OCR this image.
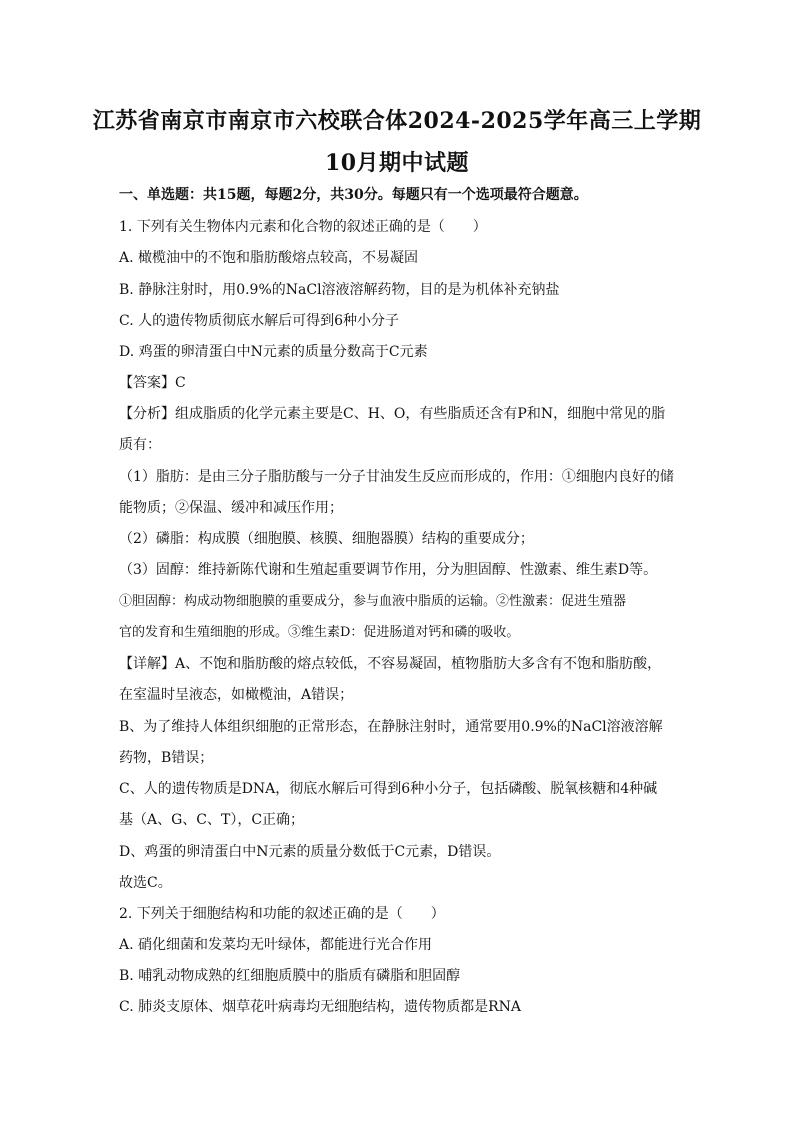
江苏省南京市南京市六校联合体2024-2025学年高三上学期
10月期中试题
一、单选题：共15题，每题2分，共30分。每题只有一个选项最符合题意。
1. 下列有关生物体内元素和化合物的叙述正确的是（　　）
A. 橄榄油中的不饱和脂肪酸熔点较高，不易凝固
B. 静脉注射时，用0.9%的NaCl溶液溶解药物，目的是为机体补充钠盐
C. 人的遗传物质彻底水解后可得到6种小分子
D. 鸡蛋的卵清蛋白中N元素的质量分数高于C元素
【答案】C
【分析】组成脂质的化学元素主要是C、H、O，有些脂质还含有P和N，细胞中常见的脂
质有：
（1）脂肪：是由三分子脂肪酸与一分子甘油发生反应而形成的，作用：①细胞内良好的储
能物质；②保温、缓冲和减压作用；
（2）磷脂：构成膜（细胞膜、核膜、细胞器膜）结构的重要成分；
（3）固醇：维持新陈代谢和生殖起重要调节作用，分为胆固醇、性激素、维生素D等。
①胆固醇：构成动物细胞膜的重要成分，参与血液中脂质的运输。②性激素：促进生殖器
官的发育和生殖细胞的形成。③维生素D：促进肠道对钙和磷的吸收。
【详解】A、不饱和脂肪酸的熔点较低，不容易凝固，植物脂肪大多含有不饱和脂肪酸，
在室温时呈液态，如橄榄油，A错误；
B、为了维持人体组织细胞的正常形态，在静脉注射时，通常要用0.9%的NaCl溶液溶解
药物，B错误；
C、人的遗传物质是DNA，彻底水解后可得到6种小分子，包括磷酸、脱氧核糖和4种碱
基（A、G、C、T），C正确；
D、鸡蛋的卵清蛋白中N元素的质量分数低于C元素，D错误。
故选C。
2. 下列关于细胞结构和功能的叙述正确的是（　　）
A. 硝化细菌和发菜均无叶绿体，都能进行光合作用
B. 哺乳动物成熟的红细胞质膜中的脂质有磷脂和胆固醇
C. 肺炎支原体、烟草花叶病毒均无细胞结构，遗传物质都是RNA
